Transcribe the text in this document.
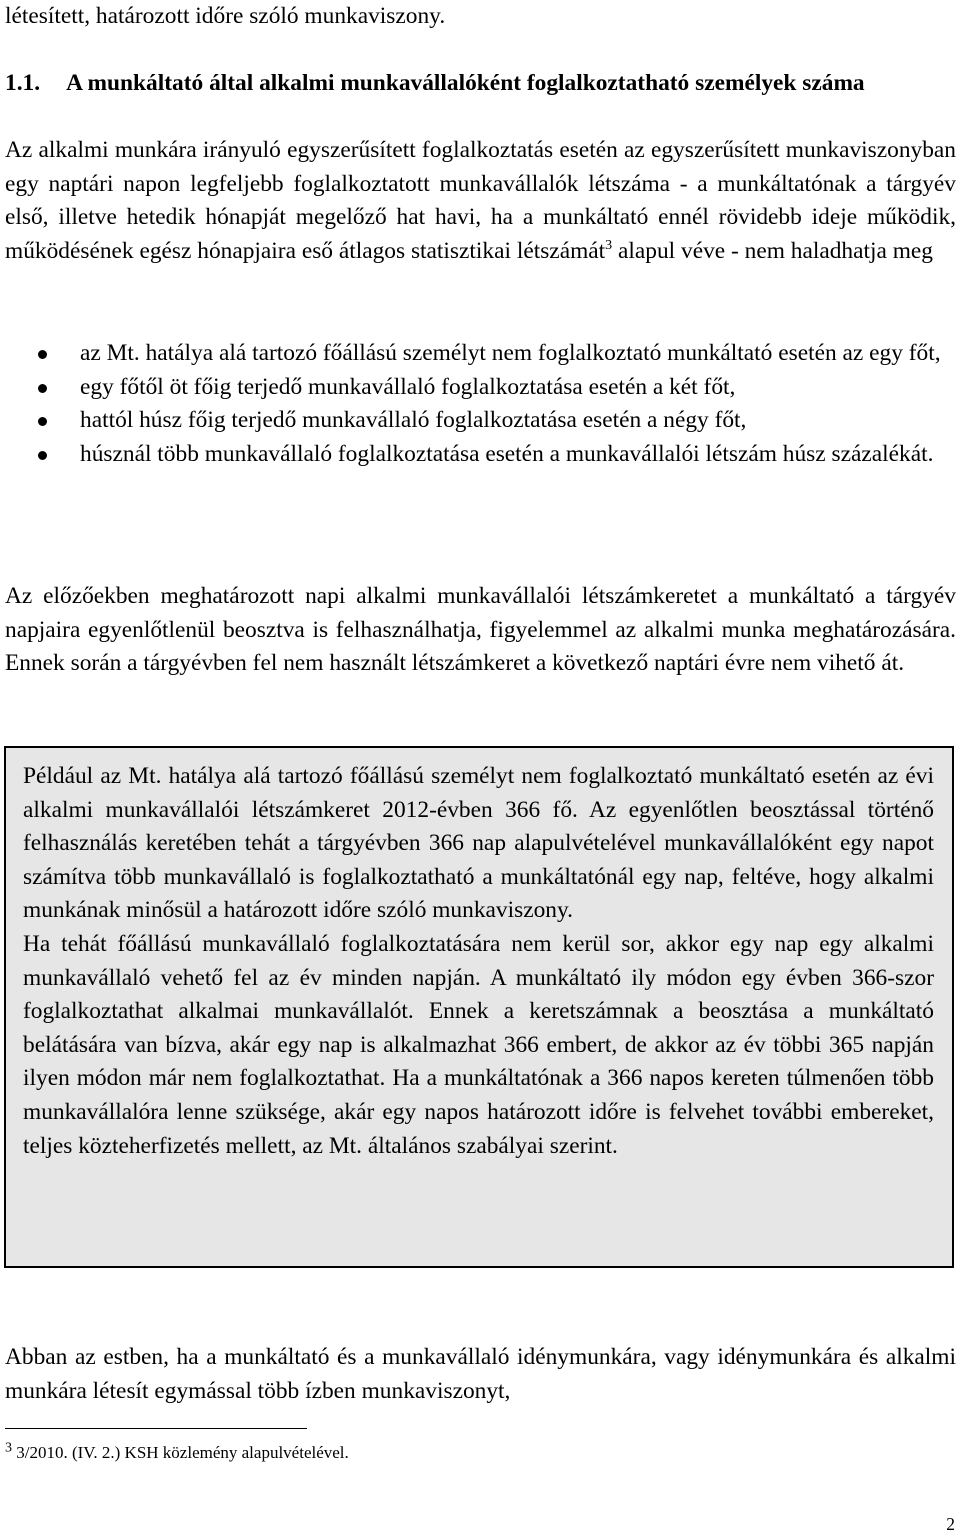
létesített, határozott időre szóló munkaviszony.

1.1. A munkáltató által alkalmi munkavállalóként foglalkoztatható személyek száma

Az alkalmi munkára irányuló egyszerűsített foglalkoztatás esetén az egyszerűsített munkaviszonyban egy naptári napon legfeljebb foglalkoztatott munkavállalók létszáma - a munkáltatónak a tárgyév első, illetve hetedik hónapját megelőző hat havi, ha a munkáltató ennél rövidebb ideje működik, működésének egész hónapjaira eső átlagos statisztikai létszámát$^3$ alapul véve - nem haladhatja meg

az Mt. hatálya alá tartozó főállású személyt nem foglalkoztató munkáltató esetén az egy főt,
egy főtől öt főig terjedő munkavállaló foglalkoztatása esetén a két főt,
hattól húsz főig terjedő munkavállaló foglalkoztatása esetén a négy főt,
húsznál több munkavállaló foglalkoztatása esetén a munkavállalói létszám húsz százalékát.

Az előzőekben meghatározott napi alkalmi munkavállalói létszámkeretet a munkáltató a tárgyév napjaira egyenlőtlenül beosztva is felhasználhatja, figyelemmel az alkalmi munka meghatározására. Ennek során a tárgyévben fel nem használt létszámkeret a következő naptári évre nem vihető át.

Például az Mt. hatálya alá tartozó főállású személyt nem foglalkoztató munkáltató esetén az évi alkalmi munkavállalói létszámkeret 2012-évben 366 fő. Az egyenlőtlen beosztással történő felhasználás keretében tehát a tárgyévben 366 nap alapulvételével munkavállalóként egy napot számítva több munkavállaló is foglalkoztatható a munkáltatónál egy nap, feltéve, hogy alkalmi munkának minősül a határozott időre szóló munkaviszony.

Ha tehát főállású munkavállaló foglalkoztatására nem kerül sor, akkor egy nap egy alkalmi munkavállaló vehető fel az év minden napján. A munkáltató ily módon egy évben 366-szor foglalkoztathat alkalmai munkavállalót. Ennek a keretszámnak a beosztása a munkáltató belátására van bízva, akár egy nap is alkalmazhat 366 embert, de akkor az év többi 365 napján ilyen módon már nem foglalkoztathat. Ha a munkáltatónak a 366 napos kereten túlmenően több munkavállalóra lenne szüksége, akár egy napos határozott időre is felvehet további embereket, teljes közteherfizetés mellett, az Mt. általános szabályai szerint.

Abban az estben, ha a munkáltató és a munkavállaló idénymunkára, vagy idénymunkára és alkalmi munkára létesít egymással több ízben munkaviszonyt,

$^3$ 3/2010. (IV. 2.) KSH közlemény alapulvételével.

2
